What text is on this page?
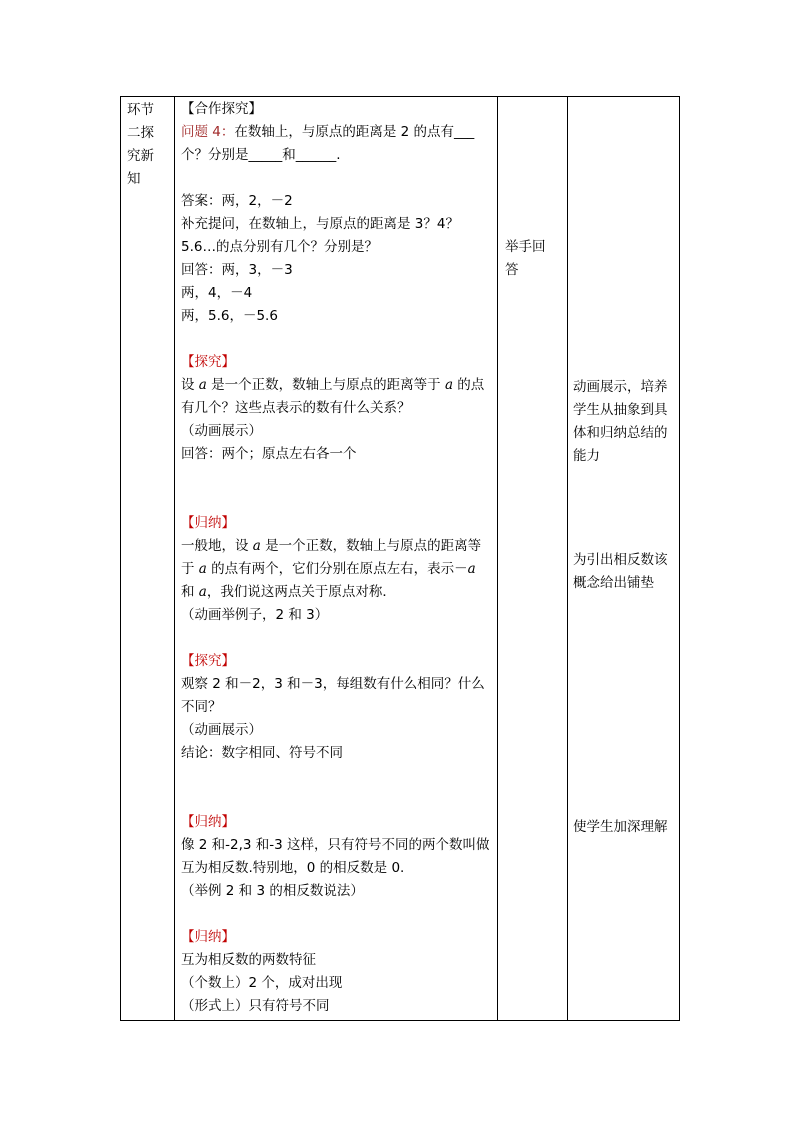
环节
二探
究新
知
【合作探究】
问题 4：在数轴上，与原点的距离是 2 的点有___
个？分别是_____和______.
答案：两，2，－2
补充提问，在数轴上，与原点的距离是 3？4？
5.6…的点分别有几个？分别是？
回答：两，3，－3
两，4，－4
两，5.6，－5.6
【探究】
设 a 是一个正数，数轴上与原点的距离等于 a 的点
有几个？这些点表示的数有什么关系？
（动画展示）
回答：两个；原点左右各一个
【归纳】
一般地，设 a 是一个正数，数轴上与原点的距离等
于 a 的点有两个，它们分别在原点左右，表示－a
和 a，我们说这两点关于原点对称．
（动画举例子，2 和 3）
【探究】
观察 2 和－2，3 和－3，每组数有什么相同？什么
不同？
（动画展示）
结论：数字相同、符号不同
【归纳】
像 2 和-2,3 和-3 这样，只有符号不同的两个数叫做
互为相反数.特别地，0 的相反数是 0.
（举例 2 和 3 的相反数说法）
【归纳】
互为相反数的两数特征
（个数上）2 个，成对出现
（形式上）只有符号不同
举手回
答
动画展示，培养
学生从抽象到具
体和归纳总结的
能力
为引出相反数该
概念给出铺垫
使学生加深理解
